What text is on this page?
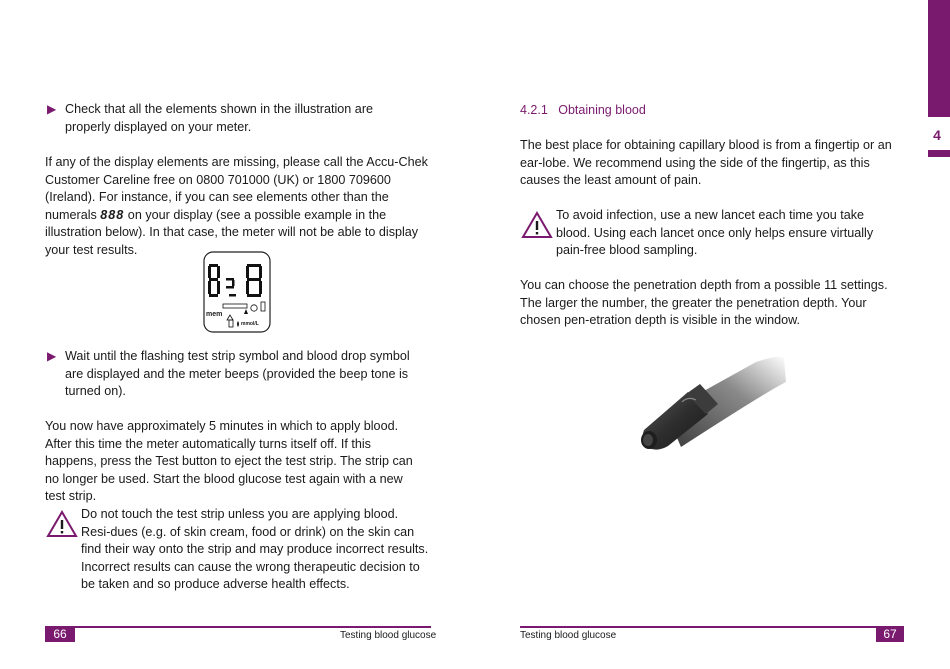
4
▶ Check that all the elements shown in the illustration are properly displayed on your meter.

If any of the display elements are missing, please call the Accu-Chek Customer Careline free on 0800 701000 (UK) or 1800 709600 (Ireland). For instance, if you can see elements other than the numerals 888 on your display (see a possible example in the illustration below). In that case, the meter will not be able to display your test results.

mem
mmol/L
▶ Wait until the flashing test strip symbol and blood drop symbol are displayed and the meter beeps (provided the beep tone is turned on).

You now have approximately 5 minutes in which to apply blood. After this time the meter automatically turns itself off. If this happens, press the Test button to eject the test strip. The strip can no longer be used. Start the blood glucose test again with a new test strip.

Do not touch the test strip unless you are applying blood. Resi-dues (e.g. of skin cream, food or drink) on the skin can find their way onto the strip and may produce incorrect results. Incorrect results can cause the wrong therapeutic decision to be taken and so produce adverse health effects.

66	Testing blood glucose

4.2.1 Obtaining blood

The best place for obtaining capillary blood is from a fingertip or an ear-lobe. We recommend using the side of the fingertip, as this causes the least amount of pain.

To avoid infection, use a new lancet each time you take blood. Using each lancet once only helps ensure virtually pain-free blood sampling.

You can choose the penetration depth from a possible 11 settings. The larger the number, the greater the penetration depth. Your chosen pen-etration depth is visible in the window.

Testing blood glucose	67
